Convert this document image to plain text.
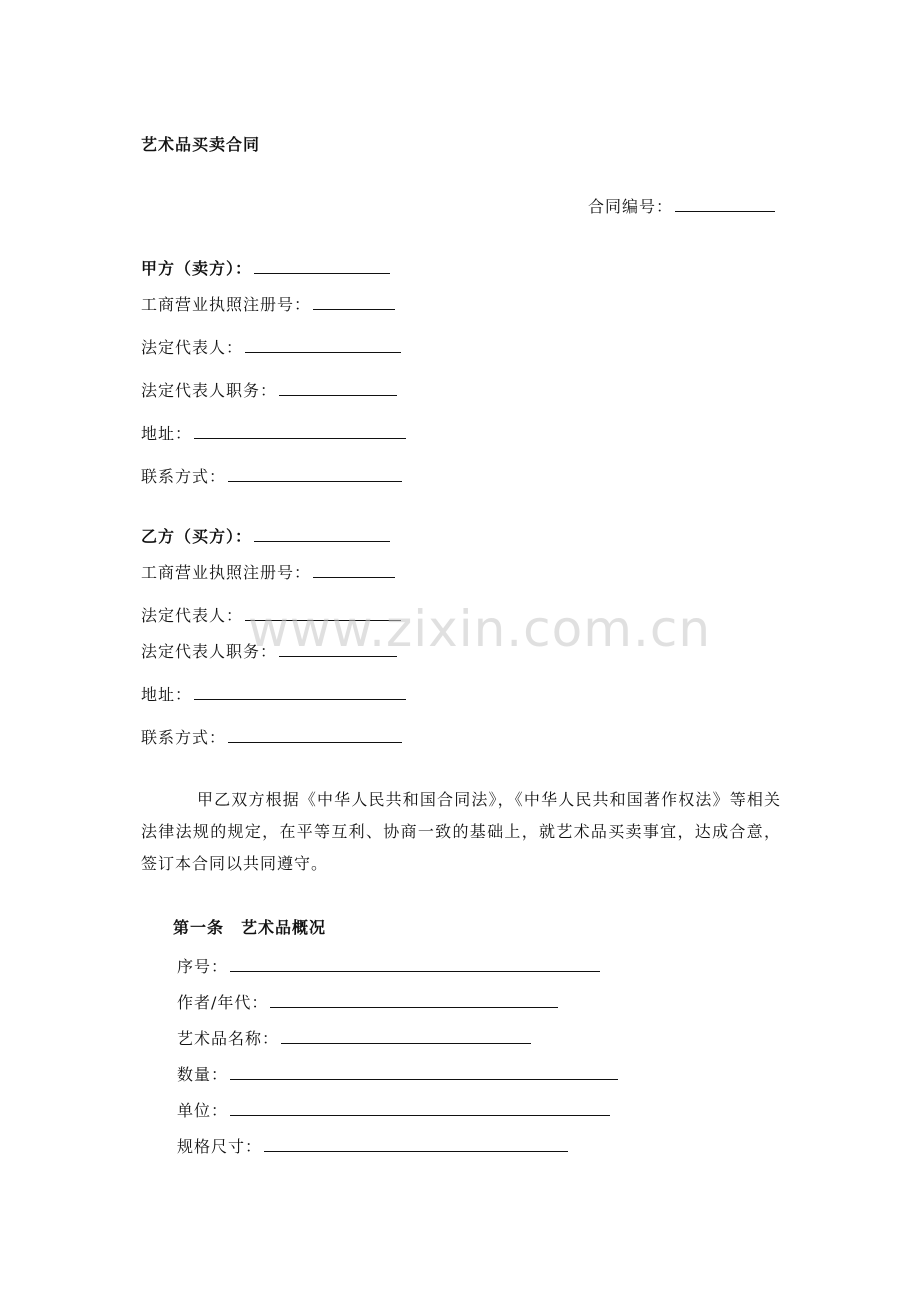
艺术品买卖合同
合同编号：
甲方（卖方）：
工商营业执照注册号：
法定代表人：
法定代表人职务：
地址：
联系方式：
乙方（买方）：
工商营业执照注册号：
法定代表人：
法定代表人职务：
地址：
联系方式：

甲乙双方根据《中华人民共和国合同法》，《中华人民共和国著作权法》等相关法律法规的规定，在平等互利、协商一致的基础上，就艺术品买卖事宜，达成合意，签订本合同以共同遵守。

第一条　艺术品概况
序号：
作者/年代：
艺术品名称：
数量：
单位：
规格尺寸：
www.zixin.com.cn
